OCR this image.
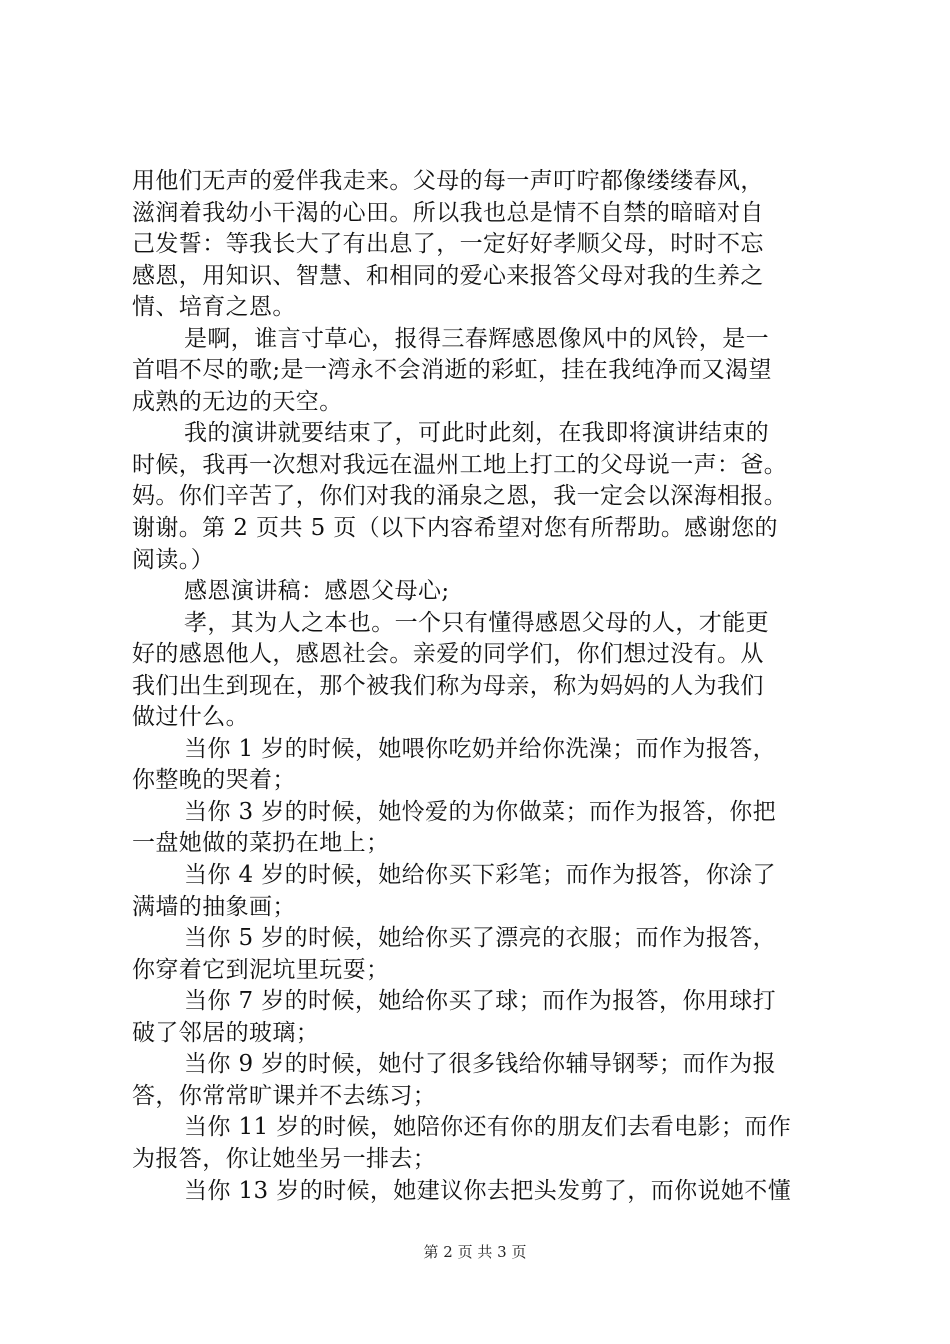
用他们无声的爱伴我走来。父母的每一声叮咛都像缕缕春风，
滋润着我幼小干渴的心田。所以我也总是情不自禁的暗暗对自
己发誓：等我长大了有出息了，一定好好孝顺父母，时时不忘
感恩，用知识、智慧、和相同的爱心来报答父母对我的生养之
情、培育之恩。
是啊，谁言寸草心，报得三春辉感恩像风中的风铃，是一
首唱不尽的歌;是一湾永不会消逝的彩虹，挂在我纯净而又渴望
成熟的无边的天空。
我的演讲就要结束了，可此时此刻，在我即将演讲结束的
时候，我再一次想对我远在温州工地上打工的父母说一声：爸。
妈。你们辛苦了，你们对我的涌泉之恩，我一定会以深海相报。
谢谢。第 2 页共 5 页（以下内容希望对您有所帮助。感谢您的
阅读。）
感恩演讲稿：感恩父母心;
孝，其为人之本也。一个只有懂得感恩父母的人，才能更
好的感恩他人，感恩社会。亲爱的同学们，你们想过没有。从
我们出生到现在，那个被我们称为母亲，称为妈妈的人为我们
做过什么。
当你 1 岁的时候，她喂你吃奶并给你洗澡；而作为报答，
你整晚的哭着；
当你 3 岁的时候，她怜爱的为你做菜；而作为报答，你把
一盘她做的菜扔在地上；
当你 4 岁的时候，她给你买下彩笔；而作为报答，你涂了
满墙的抽象画；
当你 5 岁的时候，她给你买了漂亮的衣服；而作为报答，
你穿着它到泥坑里玩耍；
当你 7 岁的时候，她给你买了球；而作为报答，你用球打
破了邻居的玻璃；
当你 9 岁的时候，她付了很多钱给你辅导钢琴；而作为报
答，你常常旷课并不去练习；
当你 11 岁的时候，她陪你还有你的朋友们去看电影；而作
为报答，你让她坐另一排去；
当你 13 岁的时候，她建议你去把头发剪了，而你说她不懂
第 2 页 共 3 页
